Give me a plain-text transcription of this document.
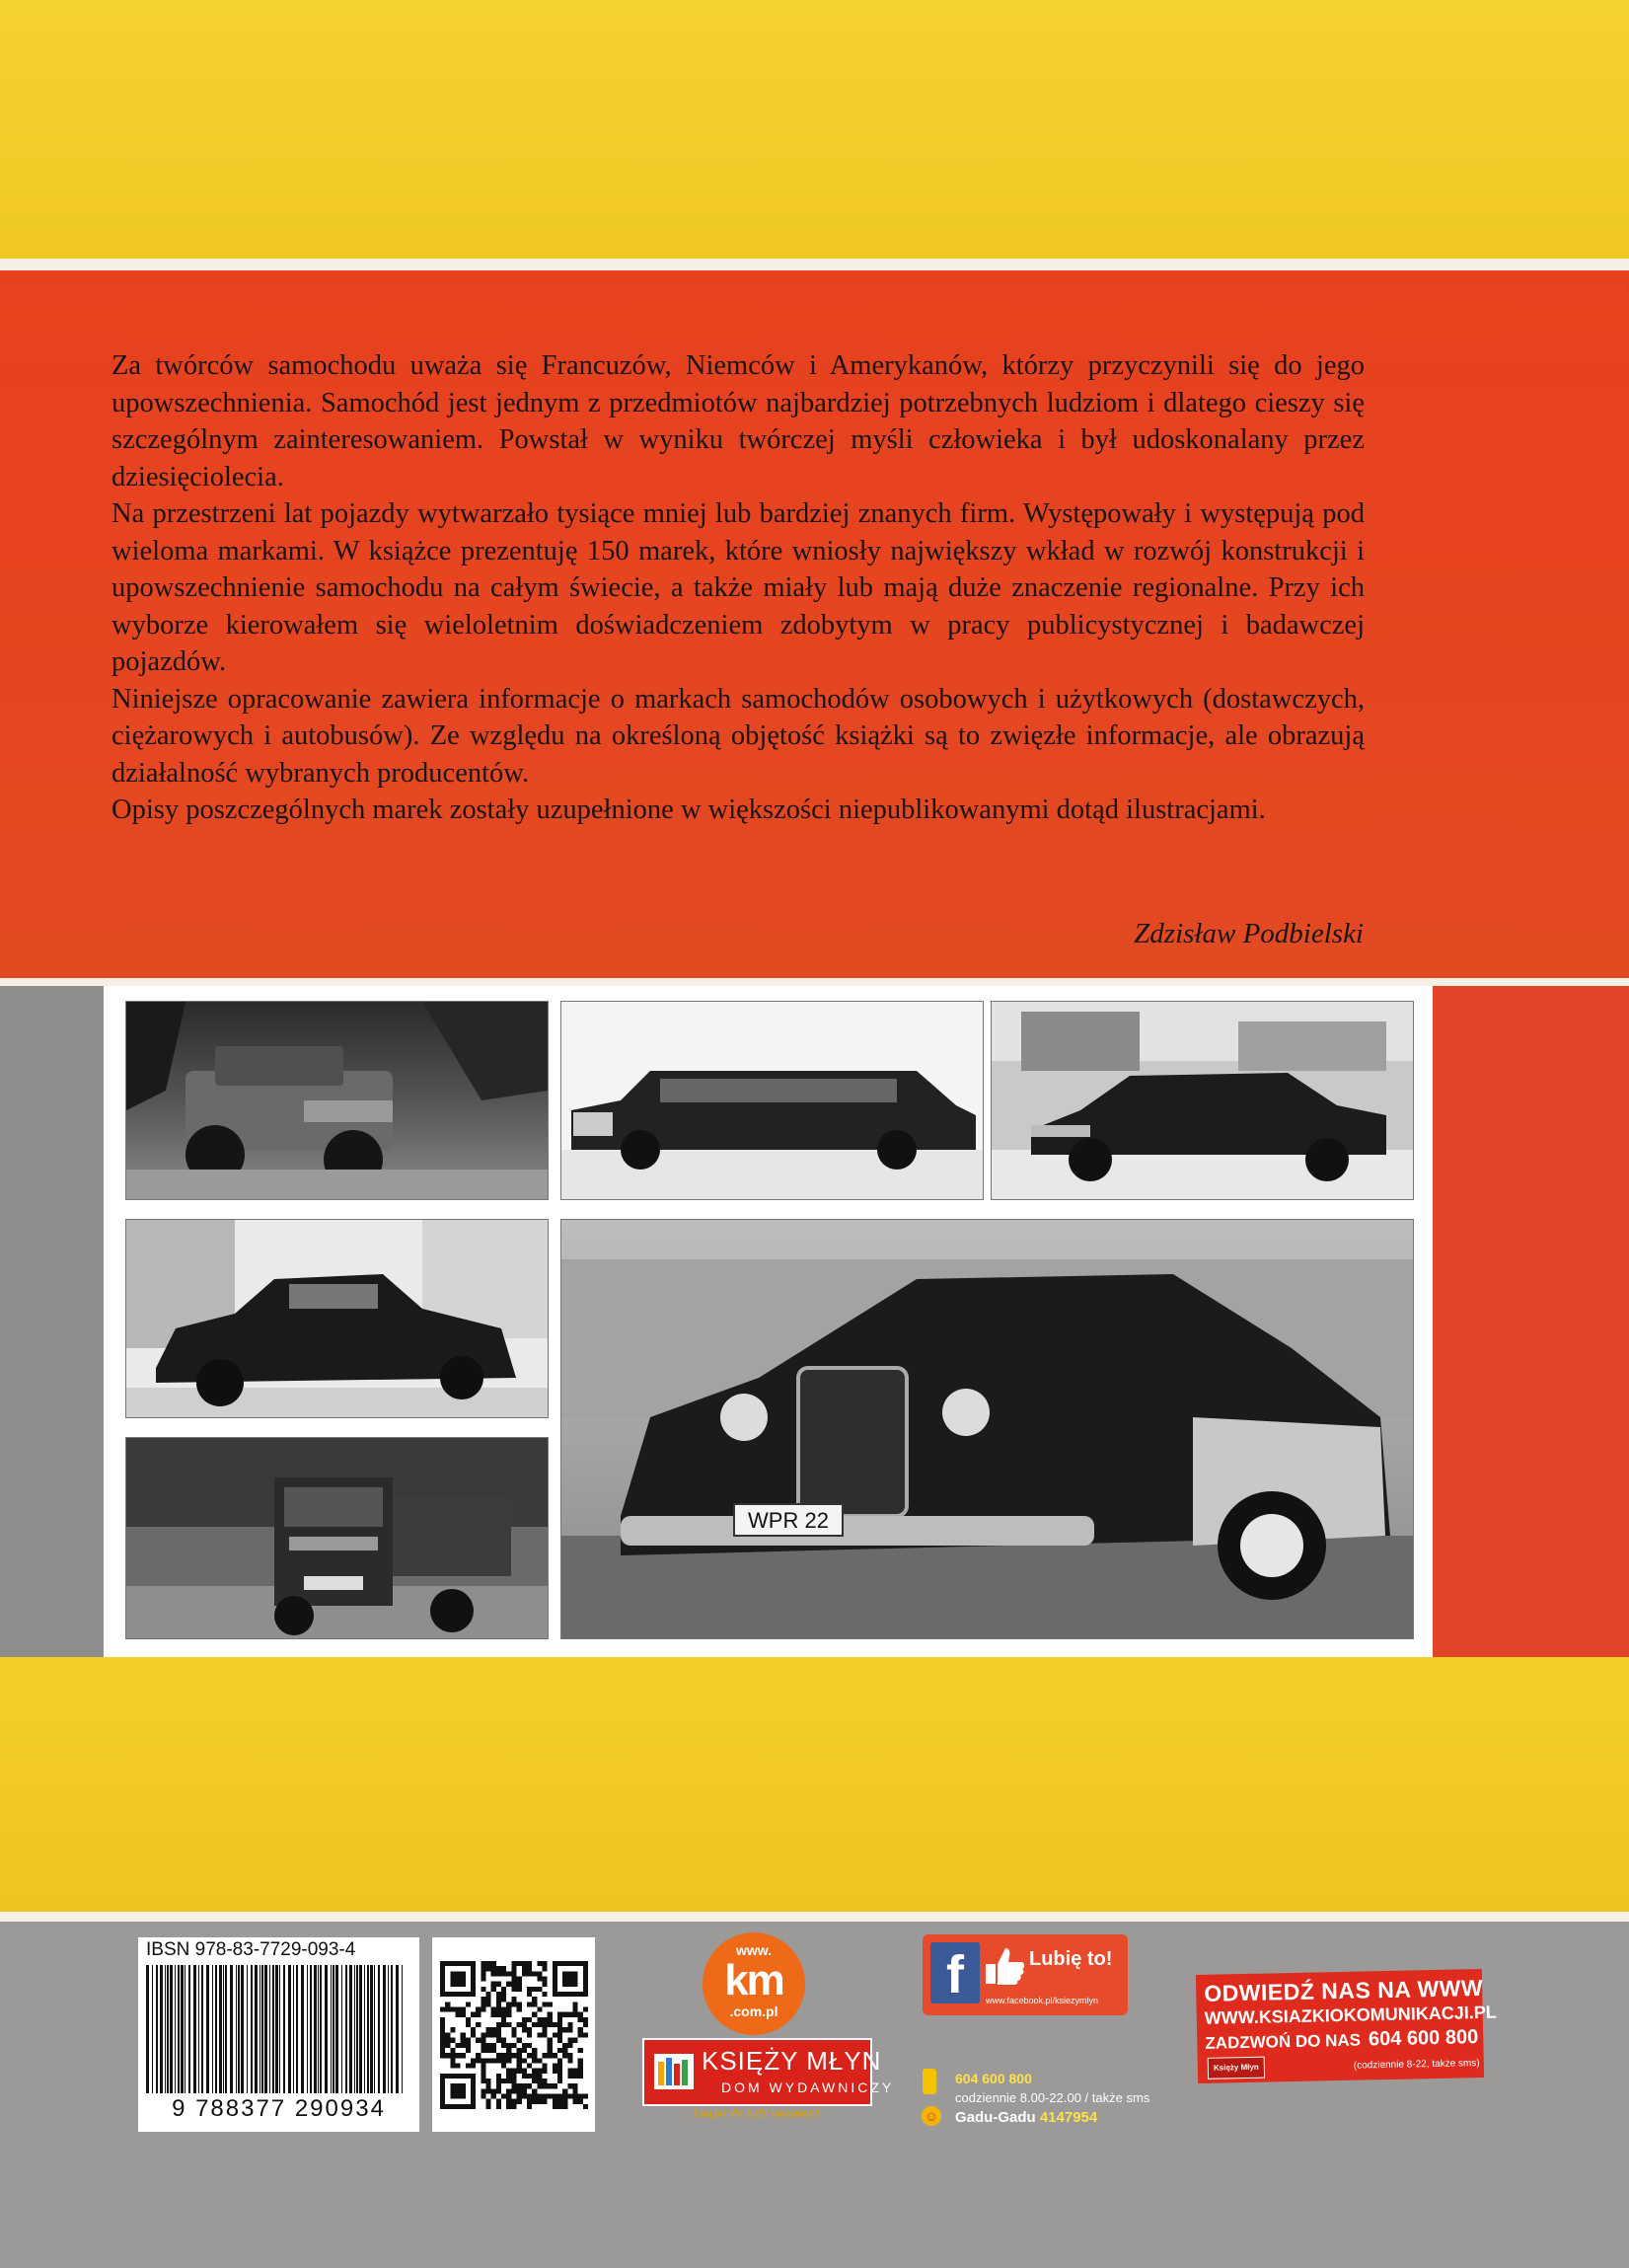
Za twórców samochodu uważa się Francuzów, Niemców i Amerykanów, którzy przyczynili się do jego upowszechnienia. Samochód jest jednym z przedmiotów najbardziej potrzebnych ludziom i dlatego cieszy się szczególnym zainteresowaniem. Powstał w wyniku twórczej myśli człowieka i był udoskonalany przez dziesięciolecia.

Na przestrzeni lat pojazdy wytwarzało tysiące mniej lub bardziej znanych firm. Występowały i występują pod wieloma markami. W książce prezentuję 150 marek, które wniosły największy wkład w rozwój konstrukcji i upowszechnienie samochodu na całym świecie, a także miały lub mają duże znaczenie regionalne. Przy ich wyborze kierowałem się wieloletnim doświadczeniem zdobytym w pracy publicystycznej i badawczej pojazdów.

Niniejsze opracowanie zawiera informacje o markach samochodów osobowych i użytkowych (dostawczych, ciężarowych i autobusów). Ze względu na określoną objętość książki są to zwięzłe informacje, ale obrazują działalność wybranych producentów.

Opisy poszczególnych marek zostały uzupełnione w większości niepublikowanymi dotąd ilustracjami.

Zdzisław Podbielski
WPR 22
IBSN 978-83-7729-093-4
9 788377 290934
www.
km
.com.pl
KSIĘŻY MŁYN
DOM WYDAWNICZY
książki dla ludzi ciekawych
f	Lubię to!
www.facebook.pl/ksiezymlyn
604 600 800
codziennie 8.00-22.00 / także sms
☺ Gadu-Gadu 4147954
ODWIEDŹ NAS NA WWW
WWW.KSIAZKIOKOMUNIKACJI.PL
ZADZWOŃ DO NAS 604 600 800
Księży Młyn	(codziennie 8-22, także sms)
